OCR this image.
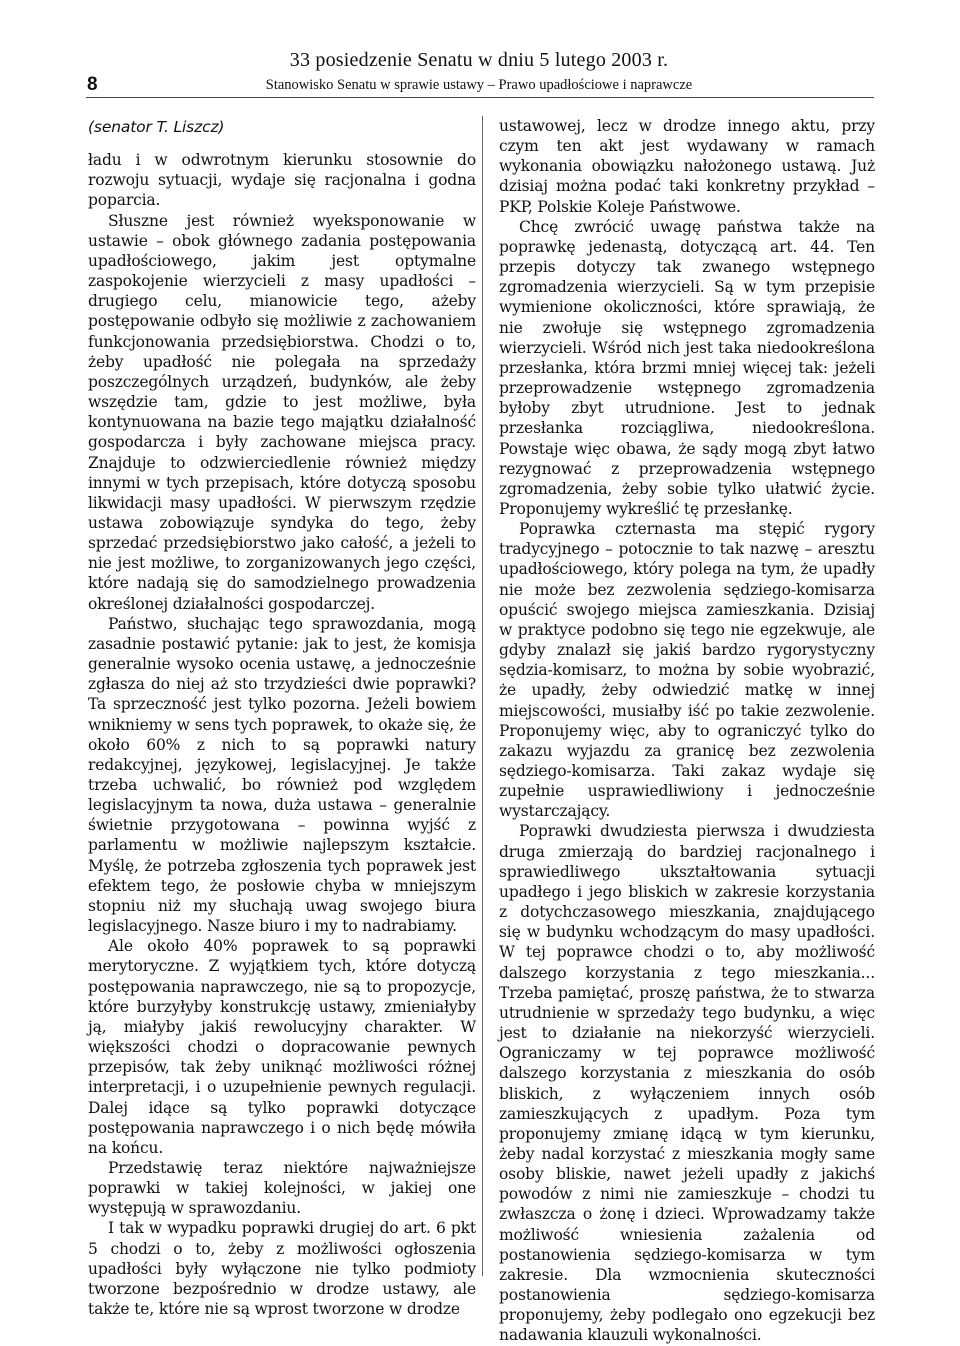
8
33 posiedzenie Senatu w dniu 5 lutego 2003 r.
Stanowisko Senatu w sprawie ustawy – Prawo upadłościowe i naprawcze
(senator T. Liszcz)

ładu i w odwrotnym kierunku stosownie do rozwoju sytuacji, wydaje się racjonalna i godna poparcia.

Słuszne jest również wyeksponowanie w ustawie – obok głównego zadania postępowania upadłościowego, jakim jest optymalne zaspokojenie wierzycieli z masy upadłości – drugiego celu, mianowicie tego, ażeby postępowanie odbyło się możliwie z zachowaniem funkcjonowania przedsiębiorstwa. Chodzi o to, żeby upadłość nie polegała na sprzedaży poszczególnych urządzeń, budynków, ale żeby wszędzie tam, gdzie to jest możliwe, była kontynuowana na bazie tego majątku działalność gospodarcza i były zachowane miejsca pracy. Znajduje to odzwierciedlenie również między innymi w tych przepisach, które dotyczą sposobu likwidacji masy upadłości. W pierwszym rzędzie ustawa zobowiązuje syndyka do tego, żeby sprzedać przedsiębiorstwo jako całość, a jeżeli to nie jest możliwe, to zorganizowanych jego części, które nadają się do samodzielnego prowadzenia określonej działalności gospodarczej.

Państwo, słuchając tego sprawozdania, mogą zasadnie postawić pytanie: jak to jest, że komisja generalnie wysoko ocenia ustawę, a jednocześnie zgłasza do niej aż sto trzydzieści dwie poprawki? Ta sprzeczność jest tylko pozorna. Jeżeli bowiem wnikniemy w sens tych poprawek, to okaże się, że około 60% z nich to są poprawki natury redakcyjnej, językowej, legislacyjnej. Je także trzeba uchwalić, bo również pod względem legislacyjnym ta nowa, duża ustawa – generalnie świetnie przygotowana – powinna wyjść z parlamentu w możliwie najlepszym kształcie. Myślę, że potrzeba zgłoszenia tych poprawek jest efektem tego, że posłowie chyba w mniejszym stopniu niż my słuchają uwag swojego biura legislacyjnego. Nasze biuro i my to nadrabiamy.

Ale około 40% poprawek to są poprawki merytoryczne. Z wyjątkiem tych, które dotyczą postępowania naprawczego, nie są to propozycje, które burzyłyby konstrukcję ustawy, zmieniałyby ją, miałyby jakiś rewolucyjny charakter. W większości chodzi o dopracowanie pewnych przepisów, tak żeby uniknąć możliwości różnej interpretacji, i o uzupełnienie pewnych regulacji. Dalej idące są tylko poprawki dotyczące postępowania naprawczego i o nich będę mówiła na końcu.

Przedstawię teraz niektóre najważniejsze poprawki w takiej kolejności, w jakiej one występują w sprawozdaniu.

I tak w wypadku poprawki drugiej do art. 6 pkt 5 chodzi o to, żeby z możliwości ogłoszenia upadłości były wyłączone nie tylko podmioty tworzone bezpośrednio w drodze ustawy, ale także te, które nie są wprost tworzone w drodze

ustawowej, lecz w drodze innego aktu, przy czym ten akt jest wydawany w ramach wykonania obowiązku nałożonego ustawą. Już dzisiaj można podać taki konkretny przykład – PKP, Polskie Koleje Państwowe.

Chcę zwrócić uwagę państwa także na poprawkę jedenastą, dotyczącą art. 44. Ten przepis dotyczy tak zwanego wstępnego zgromadzenia wierzycieli. Są w tym przepisie wymienione okoliczności, które sprawiają, że nie zwołuje się wstępnego zgromadzenia wierzycieli. Wśród nich jest taka niedookreślona przesłanka, która brzmi mniej więcej tak: jeżeli przeprowadzenie wstępnego zgromadzenia byłoby zbyt utrudnione. Jest to jednak przesłanka rozciągliwa, niedookreślona. Powstaje więc obawa, że sądy mogą zbyt łatwo rezygnować z przeprowadzenia wstępnego zgromadzenia, żeby sobie tylko ułatwić życie. Proponujemy wykreślić tę przesłankę.

Poprawka czternasta ma stępić rygory tradycyjnego – potocznie to tak nazwę – aresztu upadłościowego, który polega na tym, że upadły nie może bez zezwolenia sędziego-komisarza opuścić swojego miejsca zamieszkania. Dzisiaj w praktyce podobno się tego nie egzekwuje, ale gdyby znalazł się jakiś bardzo rygorystyczny sędzia-komisarz, to można by sobie wyobrazić, że upadły, żeby odwiedzić matkę w innej miejscowości, musiałby iść po takie zezwolenie. Proponujemy więc, aby to ograniczyć tylko do zakazu wyjazdu za granicę bez zezwolenia sędziego-komisarza. Taki zakaz wydaje się zupełnie usprawiedliwiony i jednocześnie wystarczający.

Poprawki dwudziesta pierwsza i dwudziesta druga zmierzają do bardziej racjonalnego i sprawiedliwego ukształtowania sytuacji upadłego i jego bliskich w zakresie korzystania z dotychczasowego mieszkania, znajdującego się w budynku wchodzącym do masy upadłości. W tej poprawce chodzi o to, aby możliwość dalszego korzystania z tego mieszkania... Trzeba pamiętać, proszę państwa, że to stwarza utrudnienie w sprzedaży tego budynku, a więc jest to działanie na niekorzyść wierzycieli. Ograniczamy w tej poprawce możliwość dalszego korzystania z mieszkania do osób bliskich, z wyłączeniem innych osób zamieszkujących z upadłym. Poza tym proponujemy zmianę idącą w tym kierunku, żeby nadal korzystać z mieszkania mogły same osoby bliskie, nawet jeżeli upadły z jakichś powodów z nimi nie zamieszkuje – chodzi tu zwłaszcza o żonę i dzieci. Wprowadzamy także możliwość wniesienia zażalenia od postanowienia sędziego-komisarza w tym zakresie. Dla wzmocnienia skuteczności postanowienia sędziego-komisarza proponujemy, żeby podlegało ono egzekucji bez nadawania klauzuli wykonalności.
